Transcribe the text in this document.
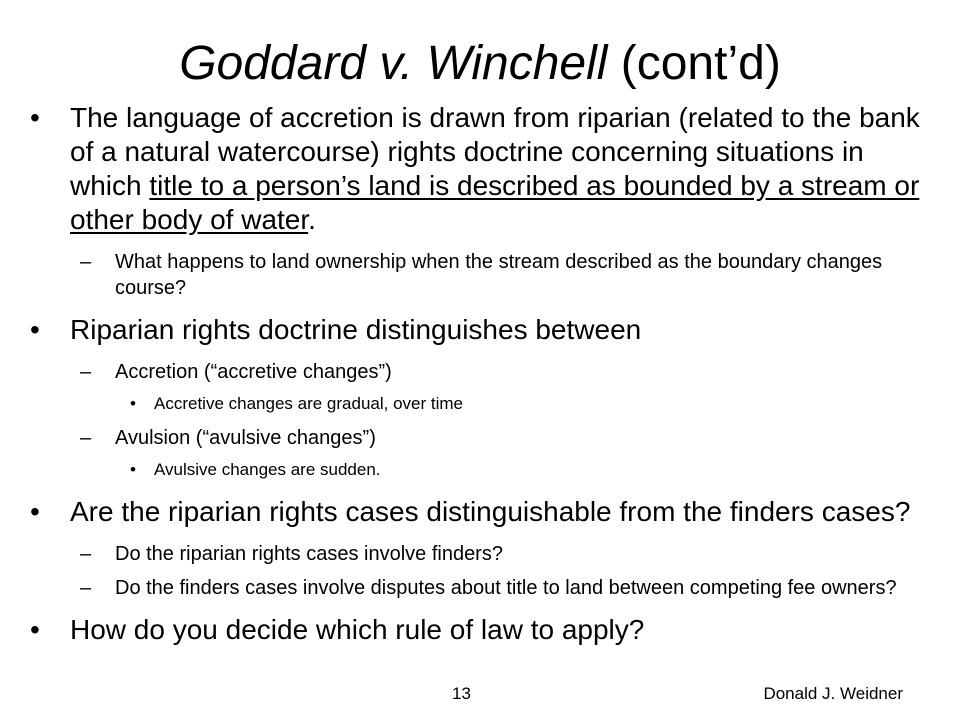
Goddard v. Winchell (cont’d)
• The language of accretion is drawn from riparian (related to the bank of a natural watercourse) rights doctrine concerning situations in which title to a person’s land is described as bounded by a stream or other body of water.
– What happens to land ownership when the stream described as the boundary changes course?
• Riparian rights doctrine distinguishes between
– Accretion (“accretive changes”)
• Accretive changes are gradual, over time
– Avulsion (“avulsive changes”)
• Avulsive changes are sudden.
• Are the riparian rights cases distinguishable from the finders cases?
– Do the riparian rights cases involve finders?
– Do the finders cases involve disputes about title to land between competing fee owners?
• How do you decide which rule of law to apply?
13	Donald J. Weidner
